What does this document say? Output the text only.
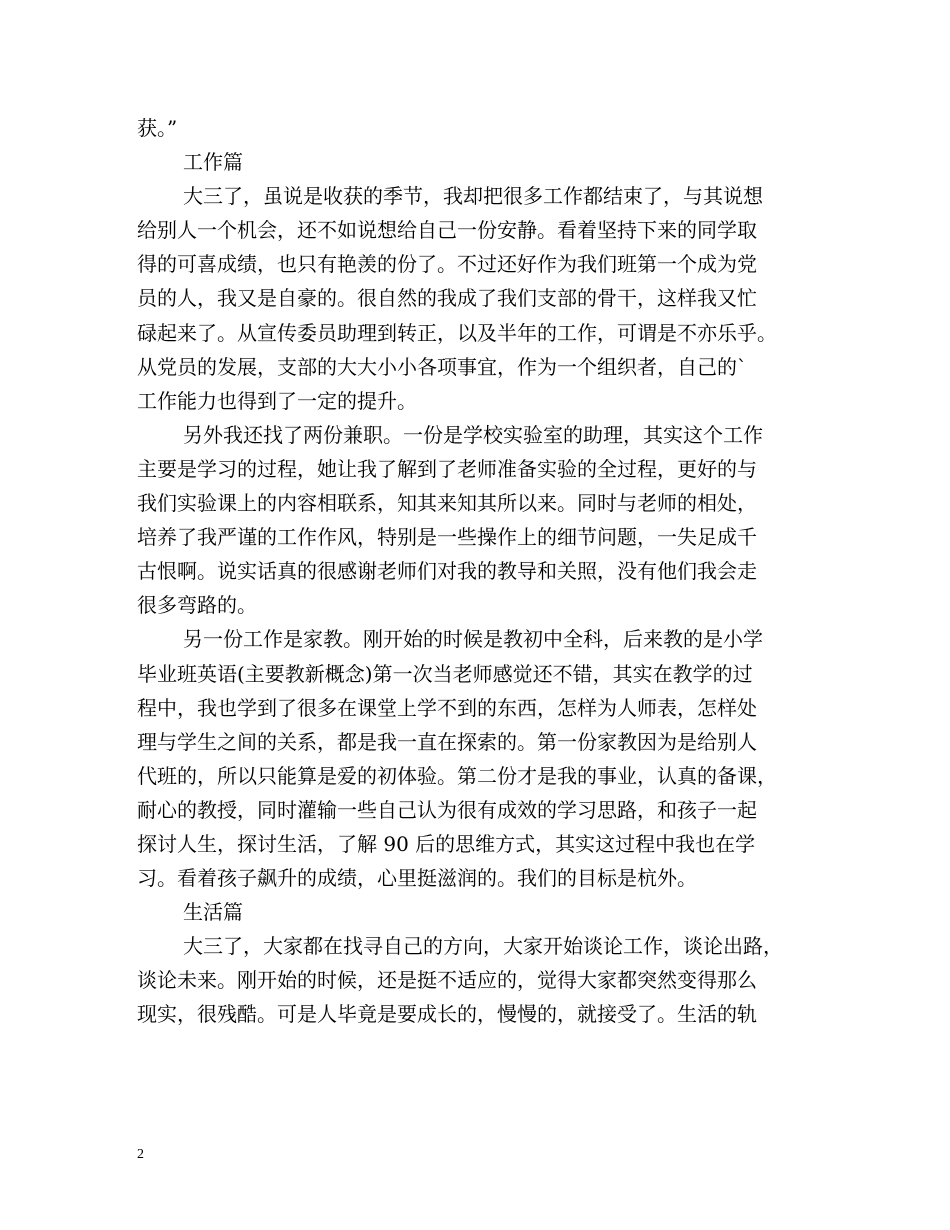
获。”
工作篇
大三了，虽说是收获的季节，我却把很多工作都结束了，与其说想
给别人一个机会，还不如说想给自己一份安静。看着坚持下来的同学取
得的可喜成绩，也只有艳羡的份了。不过还好作为我们班第一个成为党
员的人，我又是自豪的。很自然的我成了我们支部的骨干，这样我又忙
碌起来了。从宣传委员助理到转正，以及半年的工作，可谓是不亦乐乎。
从党员的发展，支部的大大小小各项事宜，作为一个组织者，自己的`
工作能力也得到了一定的提升。
另外我还找了两份兼职。一份是学校实验室的助理，其实这个工作
主要是学习的过程，她让我了解到了老师准备实验的全过程，更好的与
我们实验课上的内容相联系，知其来知其所以来。同时与老师的相处，
培养了我严谨的工作作风，特别是一些操作上的细节问题，一失足成千
古恨啊。说实话真的很感谢老师们对我的教导和关照，没有他们我会走
很多弯路的。
另一份工作是家教。刚开始的时候是教初中全科，后来教的是小学
毕业班英语(主要教新概念)第一次当老师感觉还不错，其实在教学的过
程中，我也学到了很多在课堂上学不到的东西，怎样为人师表，怎样处
理与学生之间的关系，都是我一直在探索的。第一份家教因为是给别人
代班的，所以只能算是爱的初体验。第二份才是我的事业，认真的备课，
耐心的教授，同时灌输一些自己认为很有成效的学习思路，和孩子一起
探讨人生，探讨生活，了解 90 后的思维方式，其实这过程中我也在学
习。看着孩子飙升的成绩，心里挺滋润的。我们的目标是杭外。
生活篇
大三了，大家都在找寻自己的方向，大家开始谈论工作，谈论出路，
谈论未来。刚开始的时候，还是挺不适应的，觉得大家都突然变得那么
现实，很残酷。可是人毕竟是要成长的，慢慢的，就接受了。生活的轨
2
